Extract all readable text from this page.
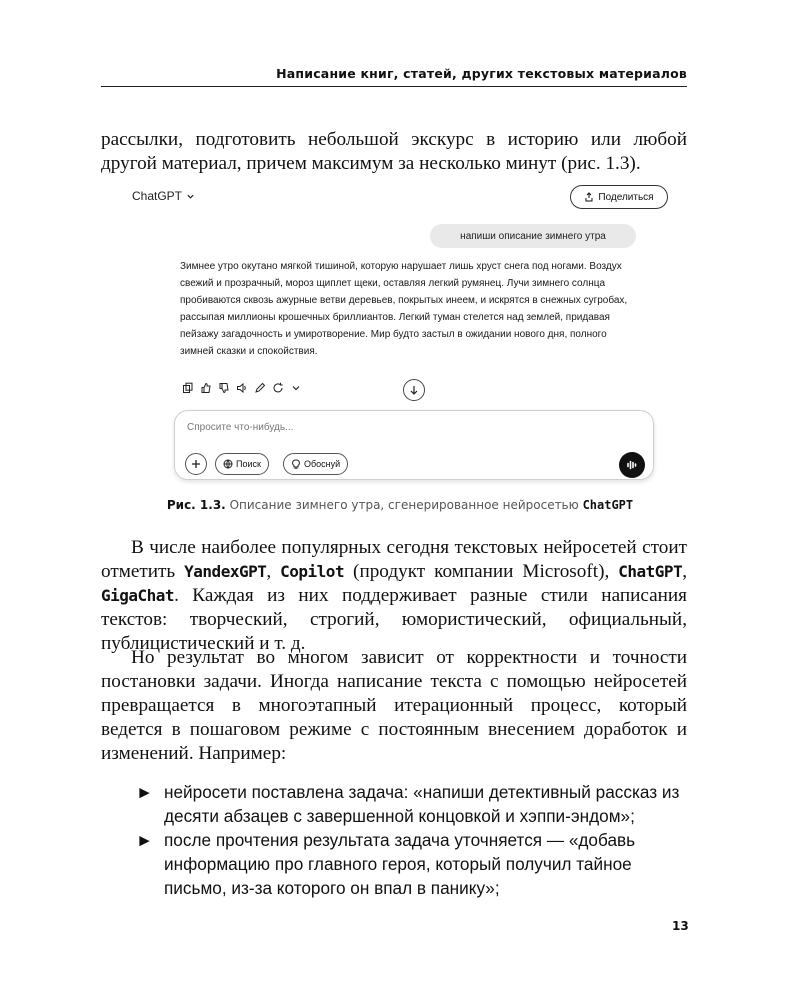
Написание книг, статей, других текстовых материалов

рассылки, подготовить небольшой экскурс в историю или любой другой материал, причем максимум за несколько минут (рис. 1.3).

ChatGPT	Поделиться
напиши описание зимнего утра
Зимнее утро окутано мягкой тишиной, которую нарушает лишь хруст снега под ногами. Воздух свежий и прозрачный, мороз щиплет щеки, оставляя легкий румянец. Лучи зимнего солнца пробиваются сквозь ажурные ветви деревьев, покрытых инеем, и искрятся в снежных сугробах, рассыпая миллионы крошечных бриллиантов. Легкий туман стелется над землей, придавая пейзажу загадочность и умиротворение. Мир будто застыл в ожидании нового дня, полного зимней сказки и спокойствия.
Спросите что-нибудь...
Поиск	Обоснуй
Рис. 1.3. Описание зимнего утра, сгенерированное нейросетью ChatGPT

В числе наиболее популярных сегодня текстовых нейросетей стоит отметить YandexGPT, Copilot (продукт компании Microsoft), ChatGPT, GigaChat. Каждая из них поддерживает разные стили написания текстов: творческий, строгий, юмористический, официальный, публицистический и т. д.

Но результат во многом зависит от корректности и точности постановки задачи. Иногда написание текста с помощью нейросетей превращается в многоэтапный итерационный процесс, который ведется в пошаговом режиме с постоянным внесением доработок и изменений. Например:

► нейросети поставлена задача: «напиши детективный рассказ из десяти абзацев с завершенной концовкой и хэппи-эндом»;
► после прочтения результата задача уточняется — «добавь информацию про главного героя, который получил тайное письмо, из-за которого он впал в панику»;
13
